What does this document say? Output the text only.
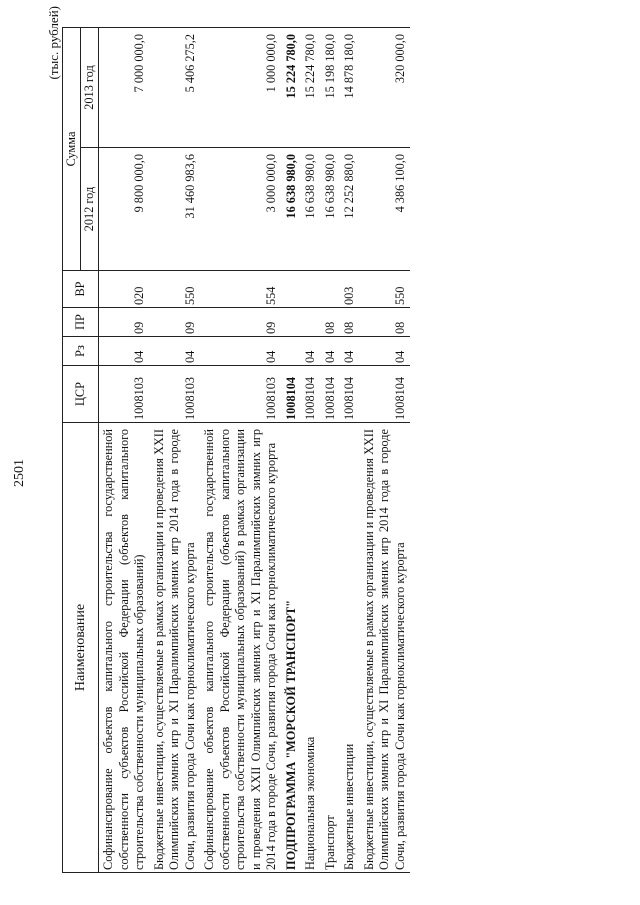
2501
(тыс. рублей)
Наименование	ЦСР	Рз	ПР	ВР	Сумма	
					2012 год	2013 год
Софинансирование объектов капитального строительства государственной собственности субъектов Российской Федерации (объектов капитального строительства собственности муниципальных образований)	1008103	04	09	020	9 800 000,0	7 000 000,0
Бюджетные инвестиции, осуществляемые в рамках организации и проведения XXII Олимпийских зимних игр и XI Паралимпийских зимних игр 2014 года в городе Сочи, развития города Сочи как горноклиматического курорта	1008103	04	09	550	31 460 983,6	5 406 275,2
Софинансирование объектов капитального строительства государственной собственности субъектов Российской Федерации (объектов капитального строительства собственности муниципальных образований) в рамках организации и проведения XXII Олимпийских зимних игр и XI Паралимпийских зимних игр 2014 года в городе Сочи, развития города Сочи как горноклиматического курорта	1008103	04	09	554	3 000 000,0	1 000 000,0
ПОДПРОГРАММА "МОРСКОЙ ТРАНСПОРТ"	1008104				16 638 980,0	15 224 780,0
Национальная экономика	1008104	04			16 638 980,0	15 224 780,0
Транспорт	1008104	04	08		16 638 980,0	15 198 180,0
Бюджетные инвестиции	1008104	04	08	003	12 252 880,0	14 878 180,0
Бюджетные инвестиции, осуществляемые в рамках организации и проведения XXII Олимпийских зимних игр и XI Паралимпийских зимних игр 2014 года в городе Сочи, развития города Сочи как горноклиматического курорта	1008104	04	08	550	4 386 100,0	320 000,0
